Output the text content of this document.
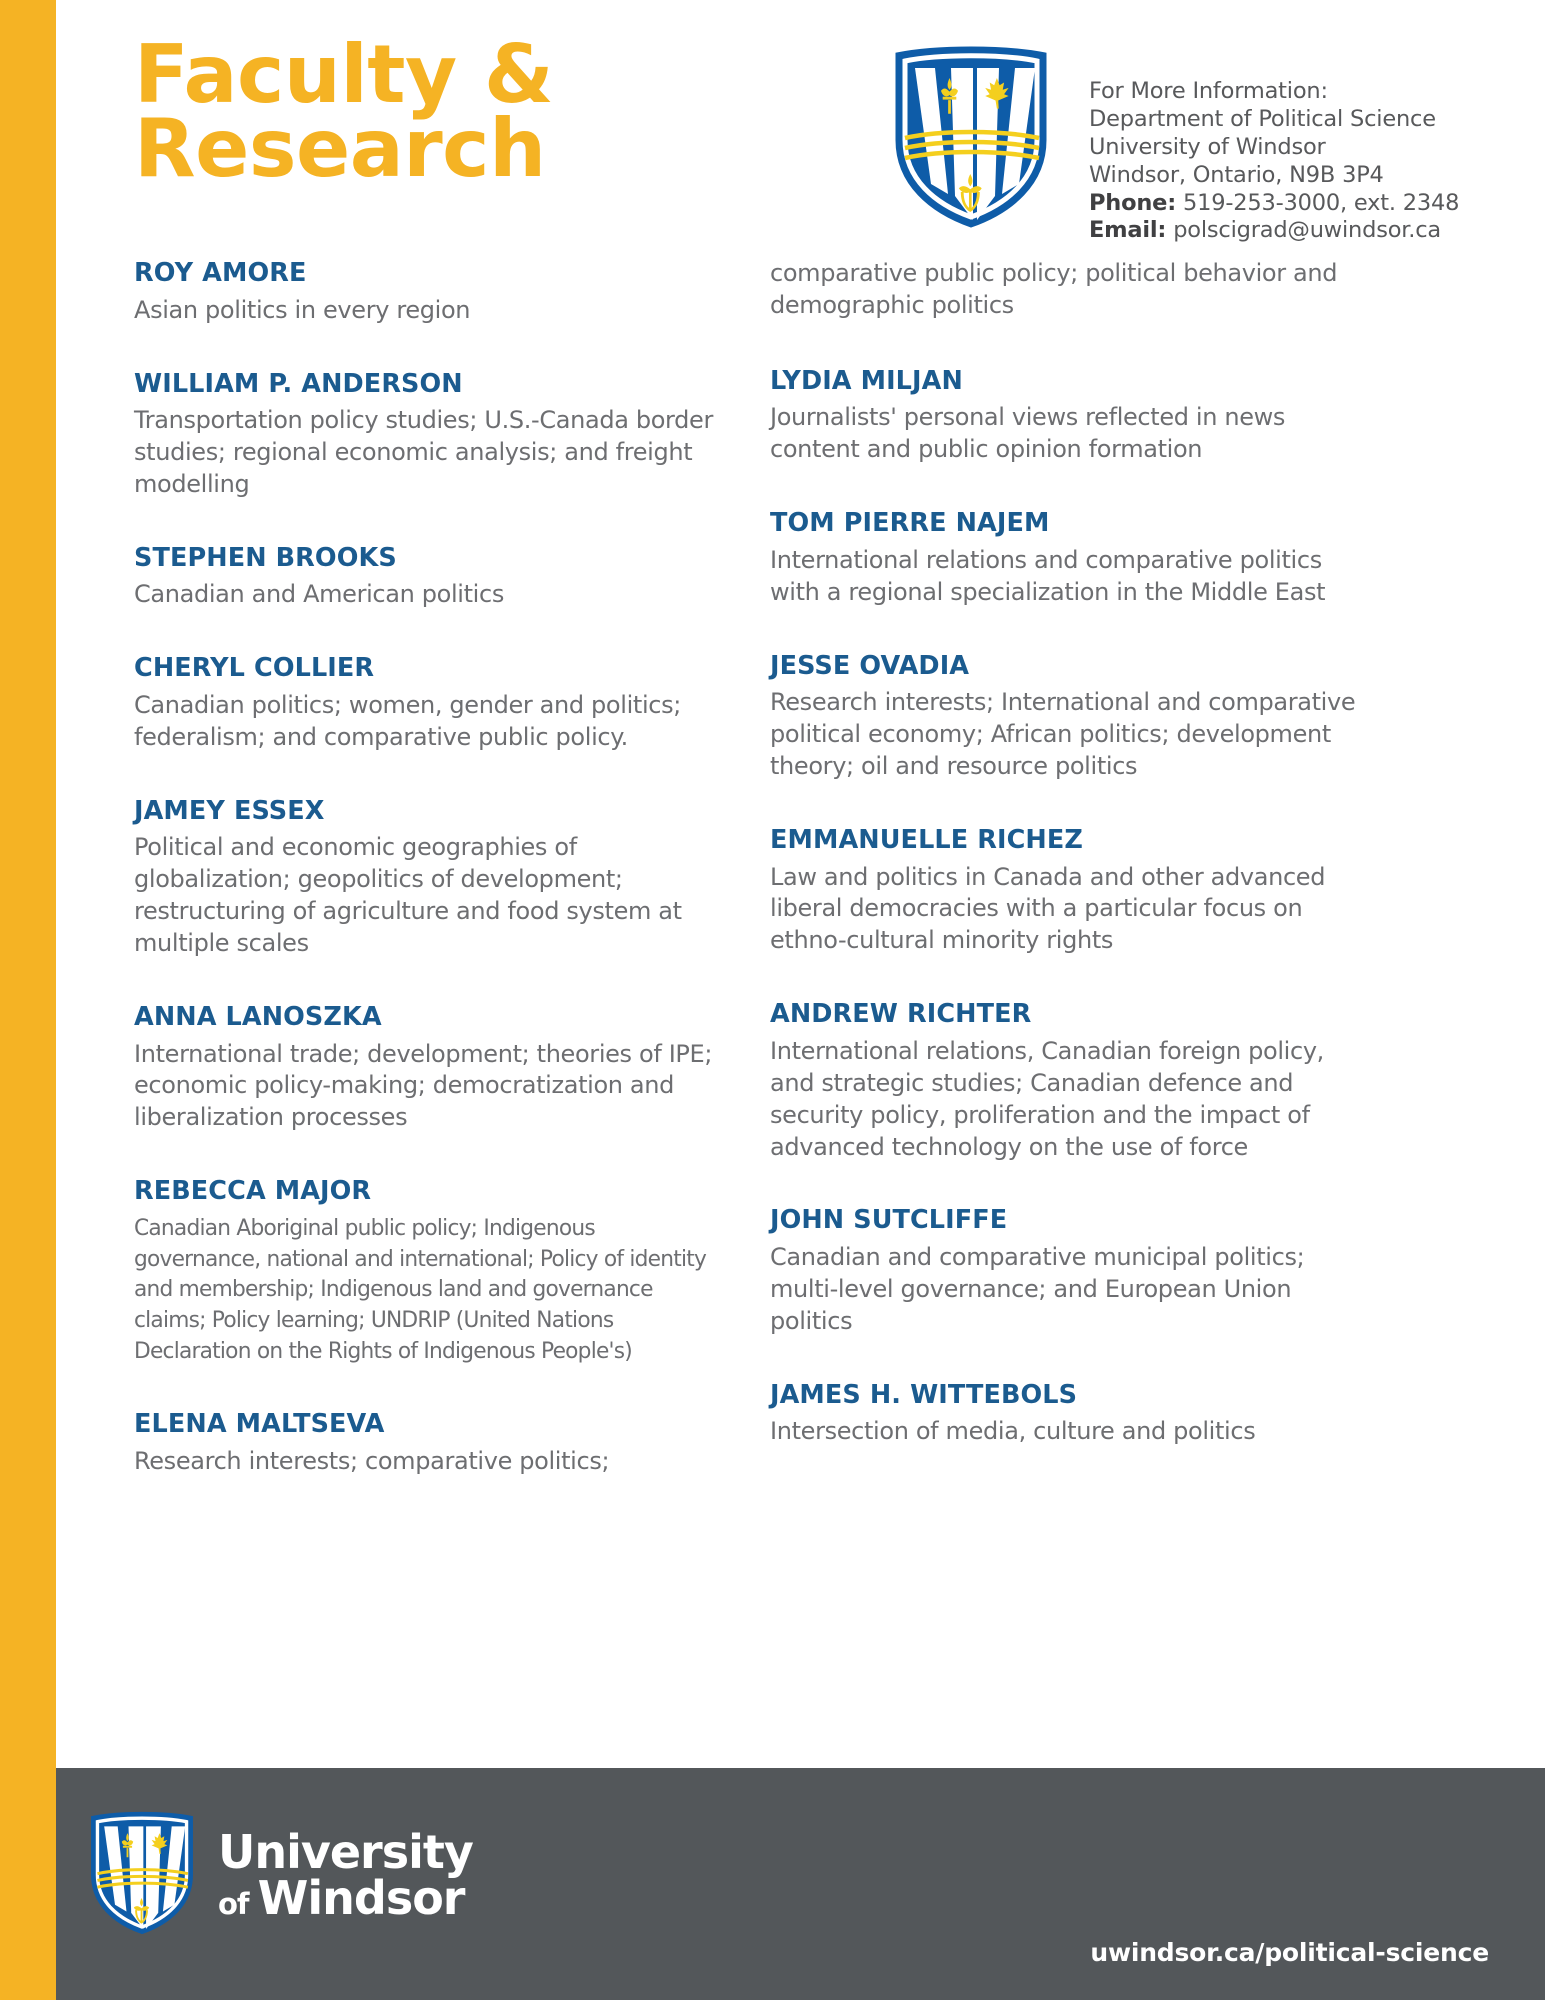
Faculty &
Research
For More Information:
Department of Political Science
University of Windsor
Windsor, Ontario, N9B 3P4
Phone: 519-253-3000, ext. 2348
Email: polscigrad@uwindsor.ca
ROY AMORE
Asian politics in every region
WILLIAM P. ANDERSON
Transportation policy studies; U.S.-Canada border studies; regional economic analysis; and freight modelling
STEPHEN BROOKS
Canadian and American politics
CHERYL COLLIER
Canadian politics; women, gender and politics; federalism; and comparative public policy.
JAMEY ESSEX
Political and economic geographies of globalization; geopolitics of development; restructuring of agriculture and food system at multiple scales
ANNA LANOSZKA
International trade; development; theories of IPE; economic policy-making; democratization and liberalization processes
REBECCA MAJOR
Canadian Aboriginal public policy; Indigenous governance, national and international; Policy of identity and membership; Indigenous land and governance claims; Policy learning; UNDRIP (United Nations Declaration on the Rights of Indigenous People's)
ELENA MALTSEVA
Research interests; comparative politics;
comparative public policy; political behavior and demographic politics
LYDIA MILJAN
Journalists' personal views reflected in news content and public opinion formation
TOM PIERRE NAJEM
International relations and comparative politics with a regional specialization in the Middle East
JESSE OVADIA
Research interests; International and comparative political economy; African politics; development theory; oil and resource politics
EMMANUELLE RICHEZ
Law and politics in Canada and other advanced liberal democracies with a particular focus on ethno-cultural minority rights
ANDREW RICHTER
International relations, Canadian foreign policy, and strategic studies; Canadian defence and security policy, proliferation and the impact of advanced technology on the use of force
JOHN SUTCLIFFE
Canadian and comparative municipal politics; multi-level governance; and European Union politics
JAMES H. WITTEBOLS
Intersection of media, culture and politics
University
of Windsor
uwindsor.ca/political-science
